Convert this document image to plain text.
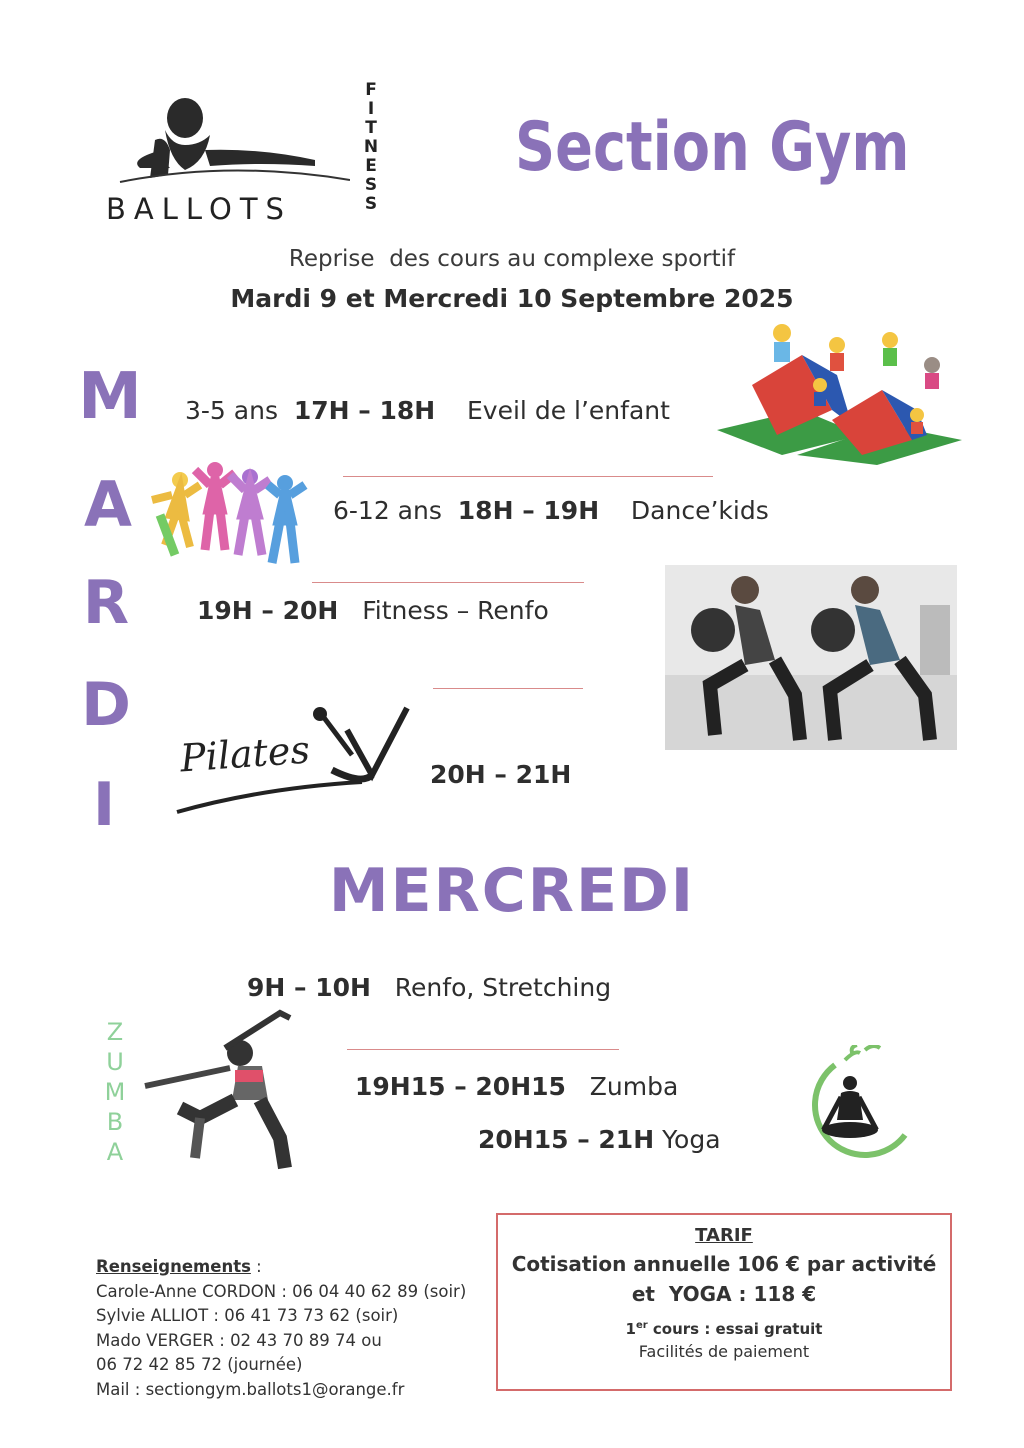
BALLOTS
F
I
T
N
E
S
S
Section Gym
Reprise  des cours au complexe sportif
Mardi 9 et Mercredi 10 Septembre 2025
M
A
R
D
I
3-5 ans 17H – 18H Eveil de l’enfant
6-12 ans 18H – 19H Dance’kids
19H – 20H Fitness – Renfo
Pilates	20H – 21H
MERCREDI
9H – 10H Renfo, Stretching
Z
U
M
B
A
19H15 – 20H15 Zumba
20H15 – 21H Yoga
Renseignements :
Carole-Anne CORDON : 06 04 40 62 89 (soir)
Sylvie ALLIOT : 06 41 73 73 62 (soir)
Mado VERGER : 02 43 70 89 74 ou
06 72 42 85 72 (journée)
Mail : sectiongym.ballots1@orange.fr
TARIF
Cotisation annuelle 106 € par activité
et  YOGA : 118 €
1er cours : essai gratuit
Facilités de paiement
